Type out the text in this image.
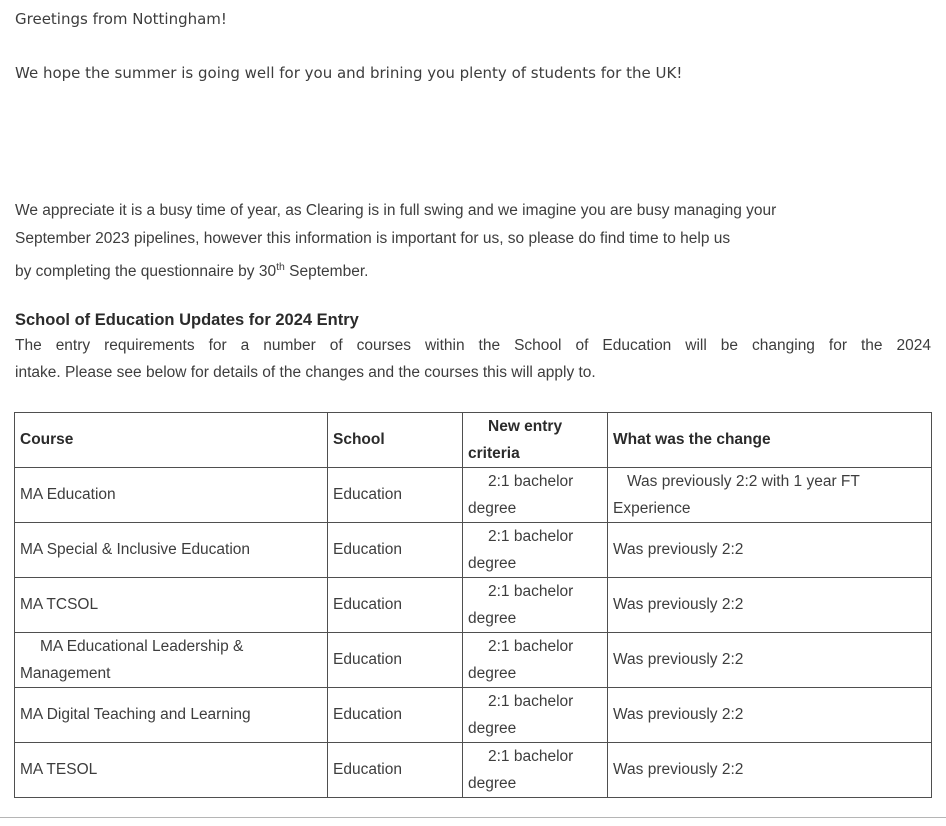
Greetings from Nottingham!
We hope the summer is going well for you and brining you plenty of students for the UK!
We appreciate it is a busy time of year, as Clearing is in full swing and we imagine you are busy managing your
September 2023 pipelines, however this information is important for us, so please do find time to help us
by completing the questionnaire by 30th September.
School of Education Updates for 2024 Entry
The entry requirements for a number of courses within the School of Education will be changing for the 2024
intake. Please see below for details of the changes and the courses this will apply to.
Course	School	New entry criteria	What was the change
MA Education	Education	2:1 bachelor degree	Was previously 2:2 with 1 year FT Experience
MA Special & Inclusive Education	Education	2:1 bachelor degree	Was previously 2:2
MA TCSOL	Education	2:1 bachelor degree	Was previously 2:2
MA Educational Leadership & Management	Education	2:1 bachelor degree	Was previously 2:2
MA Digital Teaching and Learning	Education	2:1 bachelor degree	Was previously 2:2
MA TESOL	Education	2:1 bachelor degree	Was previously 2:2
